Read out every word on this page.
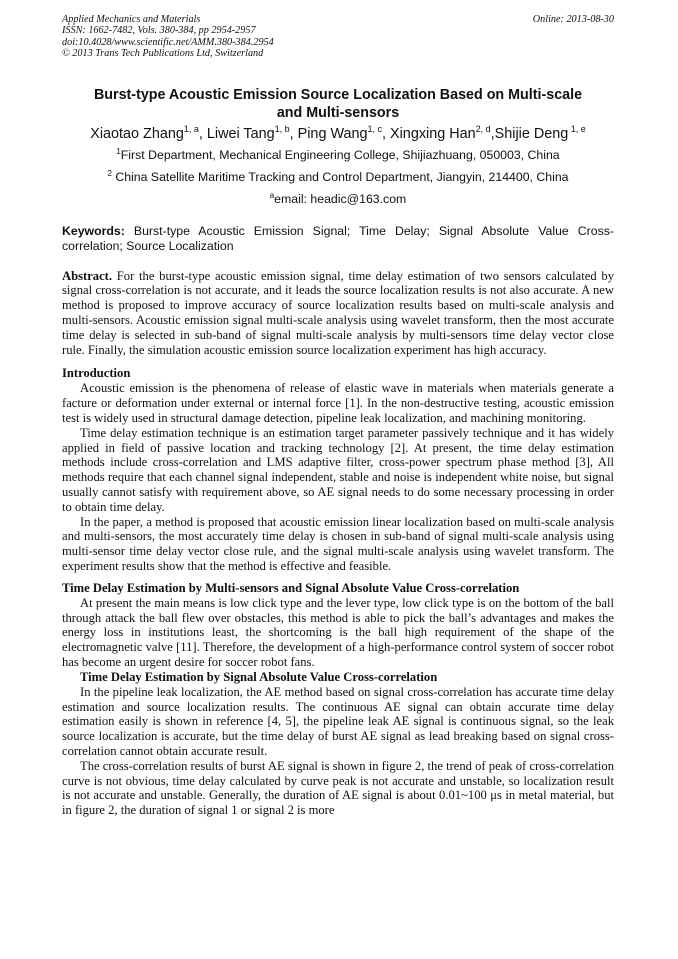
Applied Mechanics and Materials
ISSN: 1662-7482, Vols. 380-384, pp 2954-2957
doi:10.4028/www.scientific.net/AMM.380-384.2954
© 2013 Trans Tech Publications Ltd, Switzerland
Online: 2013-08-30
Burst-type Acoustic Emission Source Localization Based on Multi-scale
and Multi-sensors
Xiaotao Zhang$^{1, a}$, Liwei Tang$^{1, b}$, Ping Wang$^{1, c}$, Xingxing Han$^{2, d}$,Shijie Deng $^{1, e}$
$^1$First Department, Mechanical Engineering College, Shijiazhuang, 050003, China
$^2$ China Satellite Maritime Tracking and Control Department, Jiangyin, 214400, China
$^a$email: headic@163.com
Keywords: Burst-type Acoustic Emission Signal; Time Delay; Signal Absolute Value Cross-correlation; Source Localization
Abstract. For the burst-type acoustic emission signal, time delay estimation of two sensors calculated by signal cross-correlation is not accurate, and it leads the source localization results is not also accurate. A new method is proposed to improve accuracy of source localization results based on multi-scale analysis and multi-sensors. Acoustic emission signal multi-scale analysis using wavelet transform, then the most accurate time delay is selected in sub-band of signal multi-scale analysis by multi-sensors time delay vector close rule. Finally, the simulation acoustic emission source localization experiment has high accuracy.
Introduction

Acoustic emission is the phenomena of release of elastic wave in materials when materials generate a facture or deformation under external or internal force [1]. In the non-destructive testing, acoustic emission test is widely used in structural damage detection, pipeline leak localization, and machining monitoring.

Time delay estimation technique is an estimation target parameter passively technique and it has widely applied in field of passive location and tracking technology [2]. At present, the time delay estimation methods include cross-correlation and LMS adaptive filter, cross-power spectrum phase method [3], All methods require that each channel signal independent, stable and noise is independent white noise, but signal usually cannot satisfy with requirement above, so AE signal needs to do some necessary processing in order to obtain time delay.

In the paper, a method is proposed that acoustic emission linear localization based on multi-scale analysis and multi-sensors, the most accurately time delay is chosen in sub-band of signal multi-scale analysis using multi-sensor time delay vector close rule, and the signal multi-scale analysis using wavelet transform. The experiment results show that the method is effective and feasible.

Time Delay Estimation by Multi-sensors and Signal Absolute Value Cross-correlation

At present the main means is low click type and the lever type, low click type is on the bottom of the ball through attack the ball flew over obstacles, this method is able to pick the ball’s advantages and makes the energy loss in institutions least, the shortcoming is the ball high requirement of the shape of the electromagnetic valve [11]. Therefore, the development of a high-performance control system of soccer robot has become an urgent desire for soccer robot fans.

Time Delay Estimation by Signal Absolute Value Cross-correlation

In the pipeline leak localization, the AE method based on signal cross-correlation has accurate time delay estimation and source localization results. The continuous AE signal can obtain accurate time delay estimation easily is shown in reference [4, 5], the pipeline leak AE signal is continuous signal, so the leak source localization is accurate, but the time delay of burst AE signal as lead breaking based on signal cross-correlation cannot obtain accurate result.

The cross-correlation results of burst AE signal is shown in figure 2, the trend of peak of cross-correlation curve is not obvious, time delay calculated by curve peak is not accurate and unstable, so localization result is not accurate and unstable. Generally, the duration of AE signal is about 0.01~100 μs in metal material, but in figure 2, the duration of signal 1 or signal 2 is more
